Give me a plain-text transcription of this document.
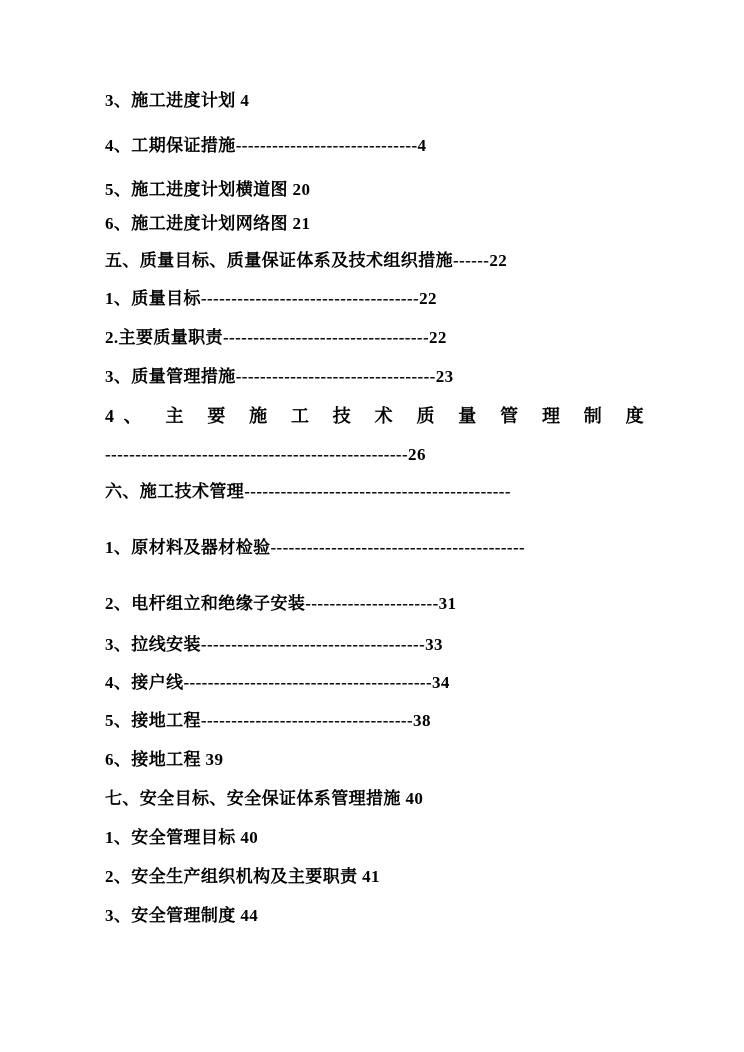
3、施工进度计划 4
4、工期保证措施------------------------------4
5、施工进度计划横道图 20
6、施工进度计划网络图 21
五、质量目标、质量保证体系及技术组织措施------22
1、质量目标------------------------------------22
2.主要质量职责----------------------------------22
3、质量管理措施---------------------------------23
4、 主 要 施 工 技 术 质 量 管 理 制 度
--------------------------------------------------26
六、施工技术管理--------------------------------------------
1、原材料及器材检验------------------------------------------
2、电杆组立和绝缘子安装----------------------31
3、拉线安装-------------------------------------33
4、接户线-----------------------------------------34
5、接地工程-----------------------------------38
6、接地工程 39
七、安全目标、安全保证体系管理措施 40
1、安全管理目标 40
2、安全生产组织机构及主要职责 41
3、安全管理制度 44
